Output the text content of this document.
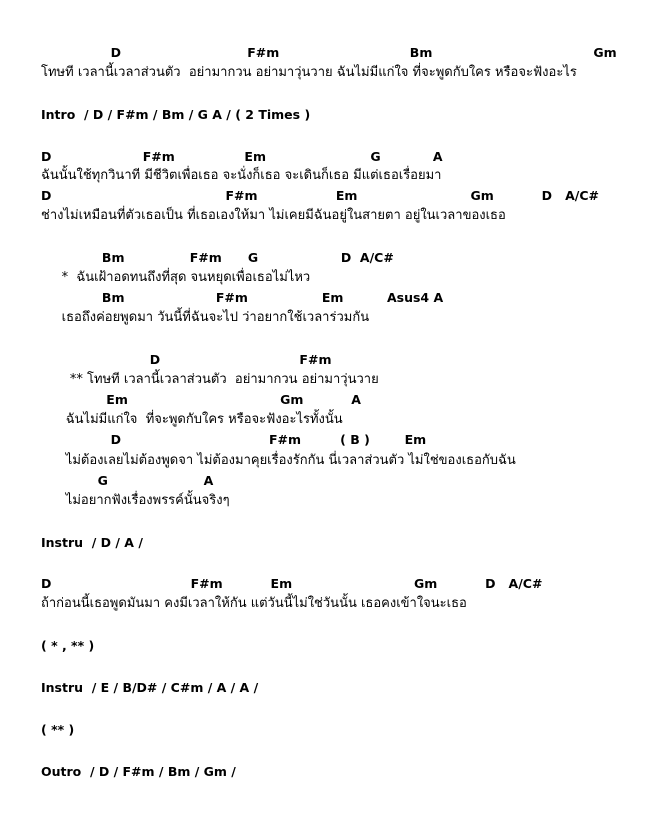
D                             F#m                              Bm                                     Gm
โทษที เวลานี้เวลาส่วนตัว  อย่ามากวน อย่ามาวุ่นวาย ฉันไม่มีแก่ใจ ที่จะพูดกับใคร หรือจะฟังอะไร
Intro  / D / F#m / Bm / G A / ( 2 Times )
D                     F#m                Em                        G            A
ฉันนั้นใช้ทุกวินาที มีชีวิตเพื่อเธอ จะนั่งก็เธอ จะเดินก็เธอ มีแต่เธอเรื่อยมา
D                                        F#m                  Em                          Gm           D   A/C#
ช่างไม่เหมือนที่ตัวเธอเป็น ที่เธอเองให้มา ไม่เคยมีฉันอยู่ในสายตา อยู่ในเวลาของเธอ
Bm               F#m      G                   D  A/C#
*  ฉันเฝ้าอดทนถึงที่สุด จนหยุดเพื่อเธอไม่ไหว
Bm                     F#m                 Em          Asus4 A
เธอถึงค่อยพูดมา วันนี้ที่ฉันจะไป ว่าอยากใช้เวลาร่วมกัน
D                                F#m
** โทษที เวลานี้เวลาส่วนตัว  อย่ามากวน อย่ามาวุ่นวาย
Em                                   Gm           A
ฉันไม่มีแก่ใจ  ที่จะพูดกับใคร หรือจะฟังอะไรทั้งนั้น
D                                  F#m         ( B )        Em
ไม่ต้องเลยไม่ต้องพูดจา ไม่ต้องมาคุยเรื่องรักกัน นี่เวลาส่วนตัว ไม่ใช่ของเธอกับฉัน
G                      A
ไม่อยากฟังเรื่องพรรค์นั้นจริงๆ
Instru  / D / A /
D                                F#m           Em                            Gm           D   A/C#
ถ้าก่อนนี้เธอพูดมันมา คงมีเวลาให้กัน แต่วันนี้ไม่ใช่วันนั้น เธอคงเข้าใจนะเธอ
( * , ** )
Instru  / E / B/D# / C#m / A / A /
( ** )
Outro  / D / F#m / Bm / Gm /
